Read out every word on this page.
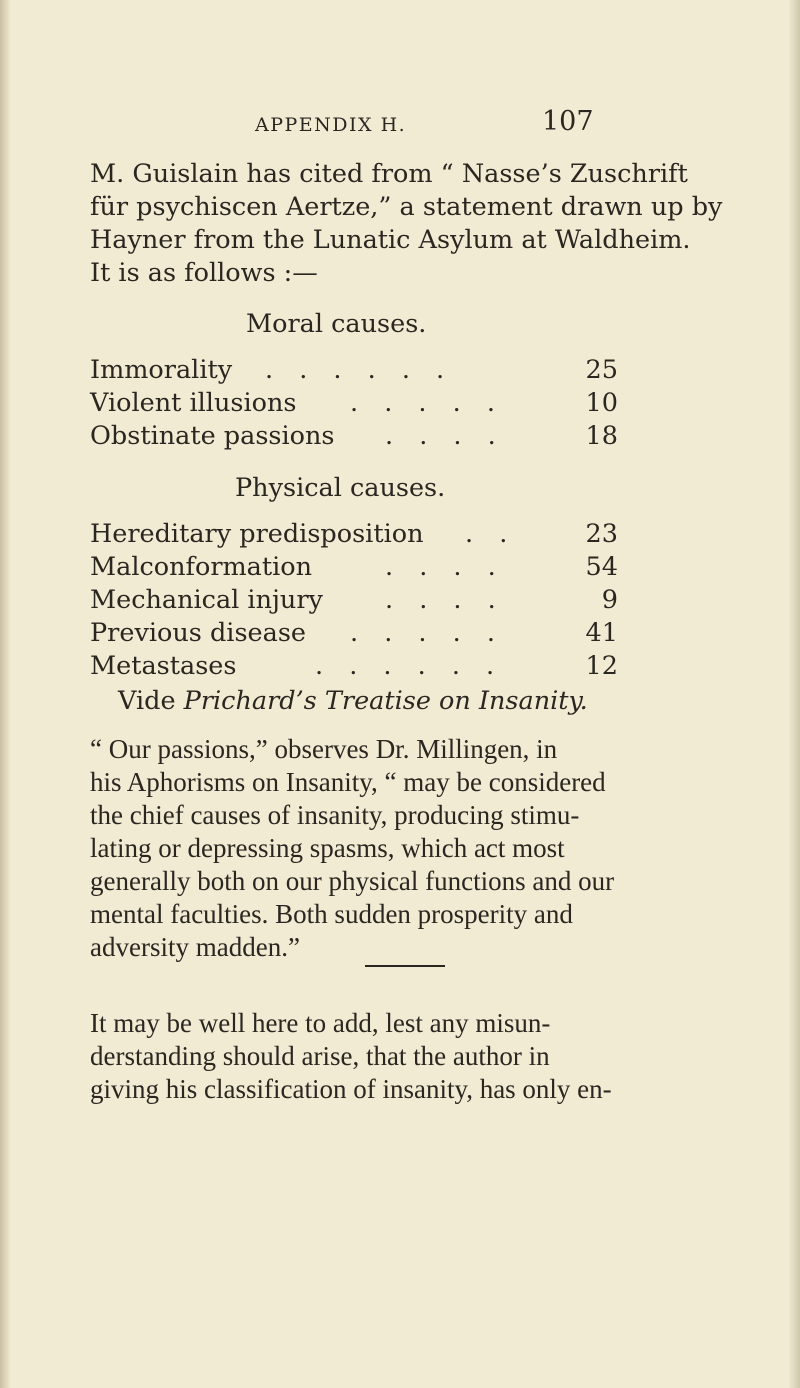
APPENDIX H.	107
M. Guislain has cited from “ Nasse’s Zuschrift
für psychiscen Aertze,” a statement drawn up by
Hayner from the Lunatic Asylum at Waldheim.
It is as follows :—
Moral causes.
Immorality . . . . . .	25
Violent illusions . . . . .	10
Obstinate passions . . . .	18
Physical causes.
Hereditary predisposition . .	23
Malconformation	. . . .	54
Mechanical injury . . . .	9
Previous disease . . . . .	41
Metastases	. . . . . .	12
Vide Prichard’s Treatise on Insanity.
“ Our passions,” observes Dr. Millingen, in
his Aphorisms on Insanity, “ may be considered
the chief causes of insanity, producing stimu-
lating or depressing spasms, which act most
generally both on our physical functions and our
mental faculties. Both sudden prosperity and
adversity madden.”
It may be well here to add, lest any misun-
derstanding should arise, that the author in
giving his classification of insanity, has only en-
